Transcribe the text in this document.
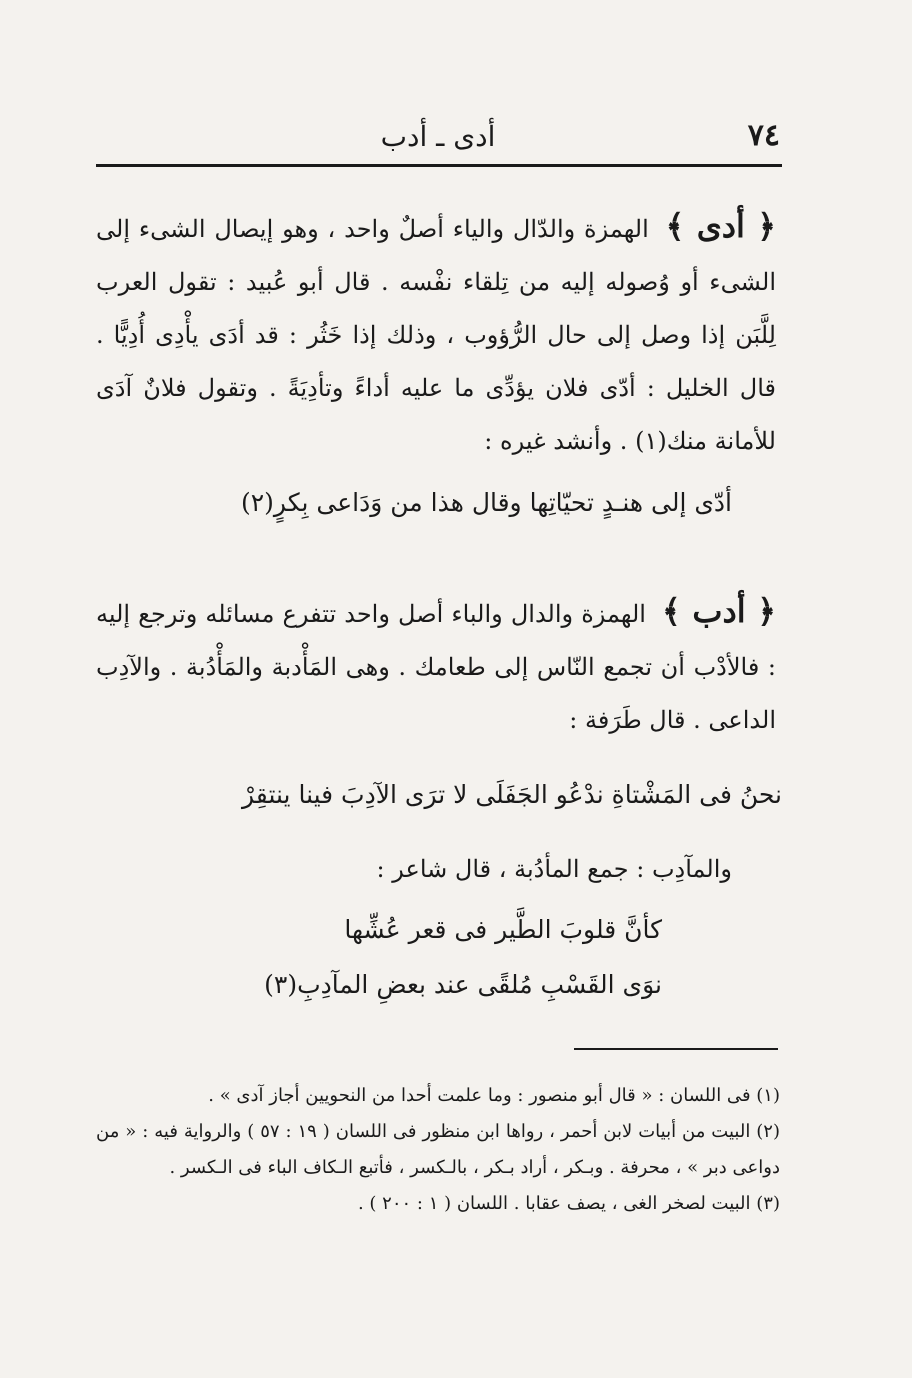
٧٤
أدى ـ أدب
﴿ أدى ﴾ الهمزة والدّال والياء أصلٌ واحد ، وهو إيصال الشىء إلى الشىء أو وُصوله إليه من تِلقاء نفْسه . قال أبو عُبيد : تقول العرب لِلَّبَن إذا وصل إلى حال الرُّؤوب ، وذلك إذا خَثُر : قد أدَى يأْدِى أُدِيًّا . قال الخليل : أدّى فلان يؤدِّى ما عليه أداءً وتأدِيَةً . وتقول فلانٌ آدَى للأمانة منك(١) . وأنشد غيره :
أدّى إلى هنـدٍ تحيّاتِها وقال هذا من وَدَاعى بِكرٍ(٢)
﴿ أدب ﴾ الهمزة والدال والباء أصل واحد تتفرع مسائله وترجع إليه : فالأدْب أن تجمع النّاس إلى طعامك . وهى المَأْدبة والمَأْدُبة . والآدِب الداعى . قال طَرَفة :
نحنُ فى المَشْتاةِ ندْعُو الجَفَلَى لا ترَى الآدِبَ فينا ينتقِرْ
والمآدِب : جمع المأدُبة ، قال شاعر :
كأنَّ قلوبَ الطَّير فى قعر عُشِّها
نوَى القَسْبِ مُلقًى عند بعضِ المآدِبِ(٣)

(١) فى اللسان : « قال أبو منصور : وما علمت أحدا من النحويين أجاز آدى » .

(٢) البيت من أبيات لابن أحمر ، رواها ابن منظور فى اللسان ( ١٩ : ٥٧ ) والرواية فيه : « من دواعى دبر » ، محرفة . وبـكر ، أراد بـكر ، بالـكسر ، فأتبع الـكاف الباء فى الـكسر .

(٣) البيت لصخر الغى ، يصف عقابا . اللسان ( ١ : ٢٠٠ ) .
